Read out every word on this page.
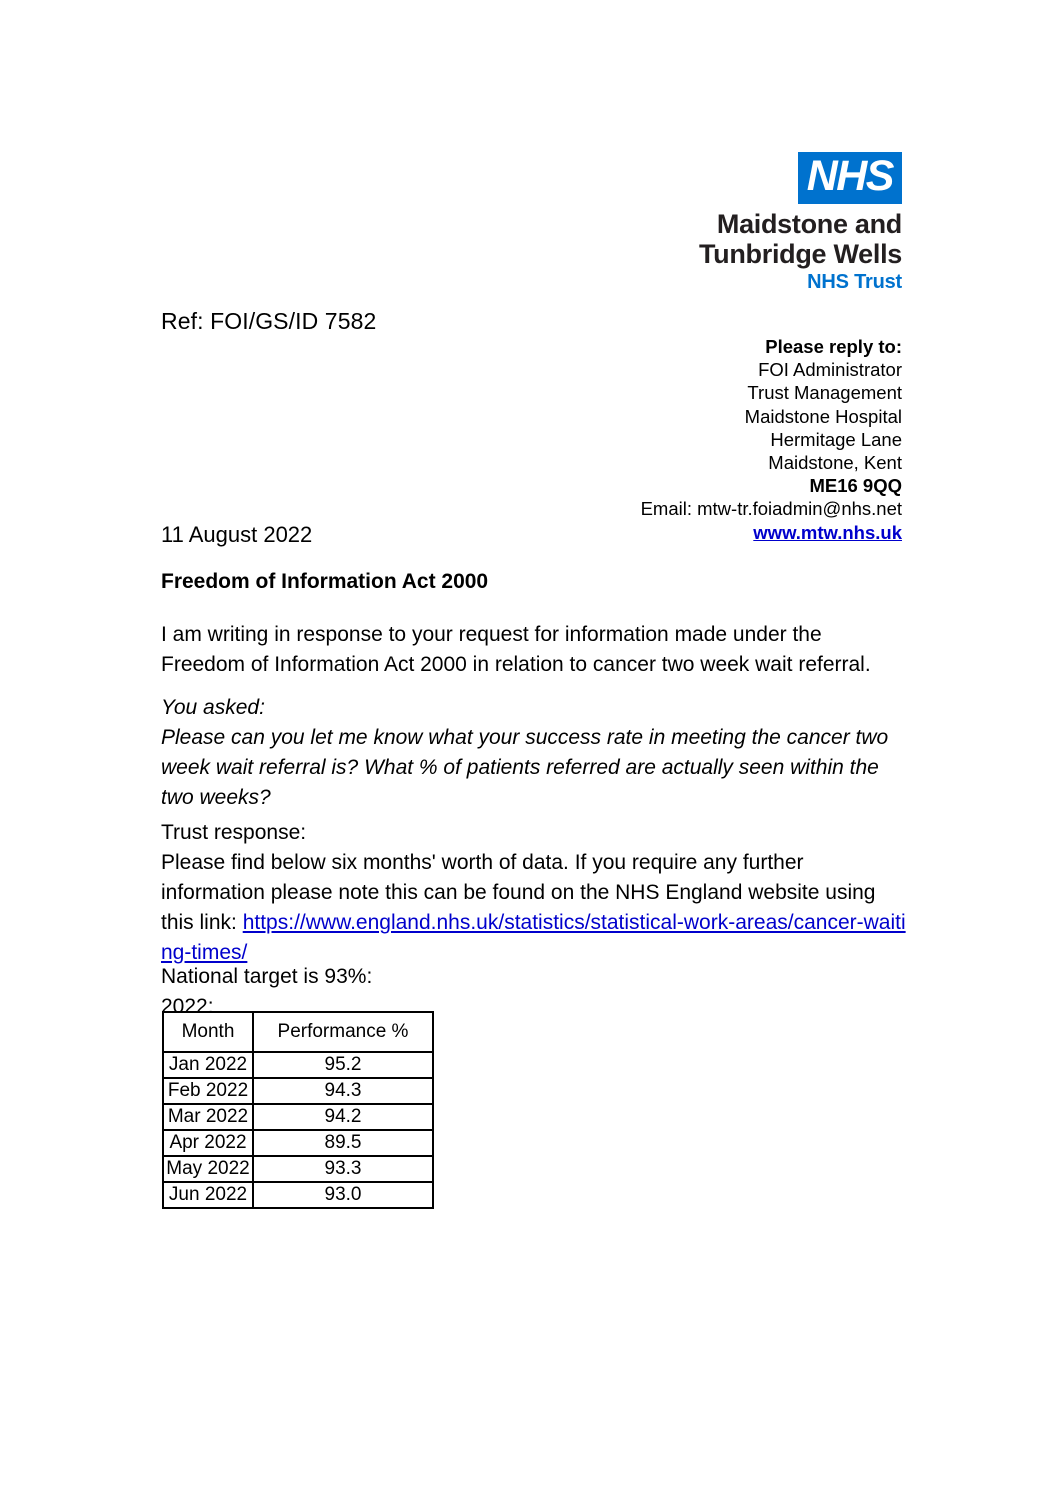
NHS
Maidstone and
Tunbridge Wells
NHS Trust
Ref: FOI/GS/ID 7582
Please reply to:
FOI Administrator
Trust Management
Maidstone Hospital
Hermitage Lane
Maidstone, Kent
ME16 9QQ
Email: mtw-tr.foiadmin@nhs.net
www.mtw.nhs.uk
11 August 2022
Freedom of Information Act 2000
I am writing in response to your request for information made under the Freedom of Information Act 2000 in relation to cancer two week wait referral.
You asked:
Please can you let me know what your success rate in meeting the cancer two week wait referral is? What % of patients referred are actually seen within the two weeks?
Trust response:
Please find below six months' worth of data. If you require any further information please note this can be found on the NHS England website using this link: https://www.england.nhs.uk/statistics/statistical-work-areas/cancer-waiting-times/
National target is 93%:
2022:
Month	Performance %
Jan 2022	95.2
Feb 2022	94.3
Mar 2022	94.2
Apr 2022	89.5
May 2022	93.3
Jun 2022	93.0
